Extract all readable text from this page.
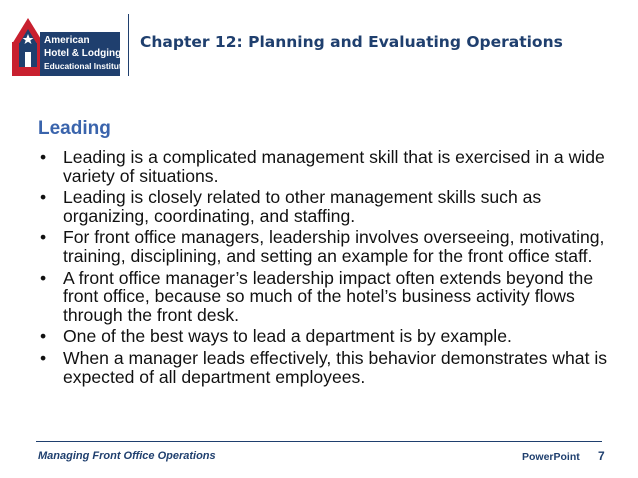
American
Hotel & Lodging
Educational Institute
Chapter 12: Planning and Evaluating Operations
Leading
• Leading is a complicated management skill that is exercised in a wide variety of situations.
• Leading is closely related to other management skills such as organizing, coordinating, and staffing.
• For front office managers, leadership involves overseeing, motivating, training, disciplining, and setting an example for the front office staff.
• A front office manager’s leadership impact often extends beyond the front office, because so much of the hotel’s business activity flows through the front desk.
• One of the best ways to lead a department is by example.
• When a manager leads effectively, this behavior demonstrates what is expected of all department employees.
Managing Front Office Operations	PowerPoint 7
